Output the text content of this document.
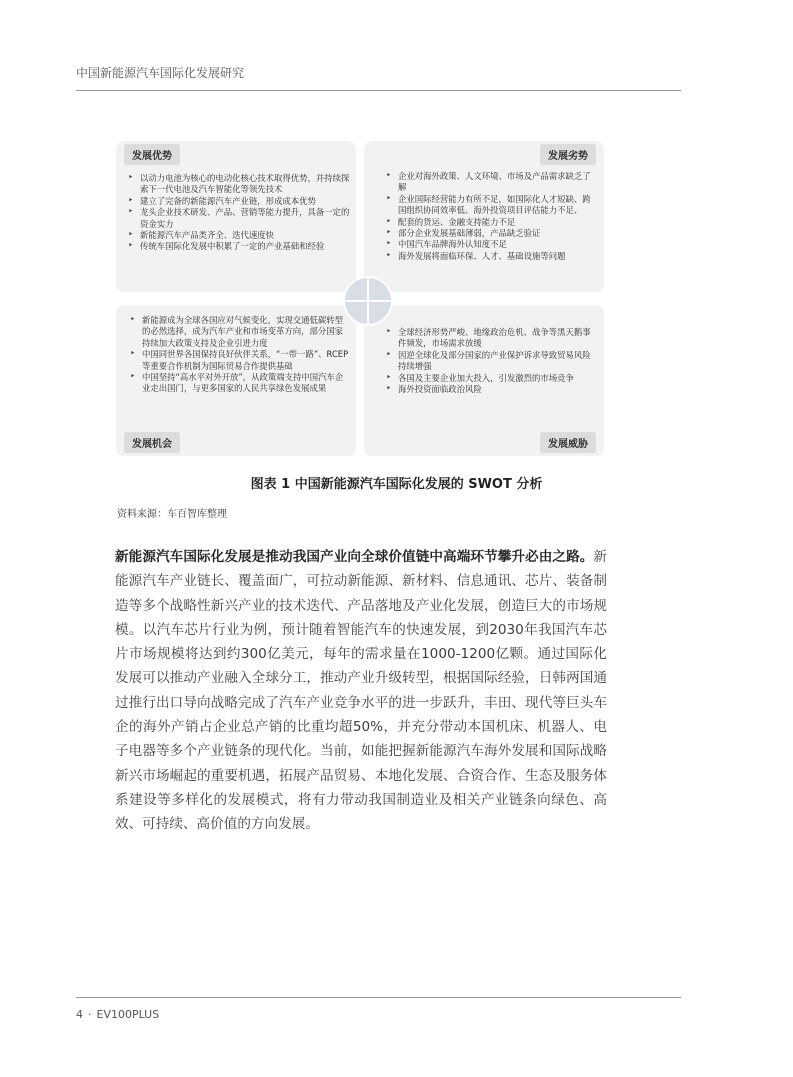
中国新能源汽车国际化发展研究
发展优势
‣ 以动力电池为核心的电动化核心技术取得优势，并持续探索下一代电池及汽车智能化等领先技术
‣ 建立了完备的新能源汽车产业链，形成成本优势
‣ 龙头企业技术研发、产品、营销等能力提升，具备一定的资金实力
‣ 新能源汽车产品类齐全、迭代速度快
‣ 传统车国际化发展中积累了一定的产业基础和经验
发展劣势
‣ 企业对海外政策、人文环境、市场及产品需求缺乏了解
‣ 企业国际经营能力有所不足，如国际化人才短缺、跨国组织协同效率低、海外投资项目评估能力不足、
‣ 配套的货运、金融支持能力不足
‣ 部分企业发展基础薄弱，产品缺乏验证
‣ 中国汽车品牌海外认知度不足
‣ 海外发展将面临环保、人才、基础设施等问题
‣ 新能源成为全球各国应对气候变化，实现交通低碳转型的必然选择，成为汽车产业和市场变革方向，部分国家持续加大政策支持及企业引进力度
‣ 中国同世界各国保持良好伙伴关系，“一带一路”、RCEP等重要合作机制为国际贸易合作提供基础
‣ 中国坚持“高水平对外开放”，从政策端支持中国汽车企业走出国门，与更多国家的人民共享绿色发展成果
发展机会
‣ 全球经济形势严峻、地缘政治危机、战争等黑天鹅事件频发，市场需求放缓
‣ 因逆全球化及部分国家的产业保护诉求导致贸易风险持续增强
‣ 各国及主要企业加大投入，引发激烈的市场竞争
‣ 海外投资面临政治风险
发展威胁
图表 1 中国新能源汽车国际化发展的 SWOT 分析
资料来源：车百智库整理

新能源汽车国际化发展是推动我国产业向全球价值链中高端环节攀升必由之路。新能源汽车产业链长、覆盖面广，可拉动新能源、新材料、信息通讯、芯片、装备制造等多个战略性新兴产业的技术迭代、产品落地及产业化发展，创造巨大的市场规模。以汽车芯片行业为例，预计随着智能汽车的快速发展，到2030年我国汽车芯片市场规模将达到约300亿美元，每年的需求量在1000-1200亿颗。通过国际化发展可以推动产业融入全球分工，推动产业升级转型，根据国际经验，日韩两国通过推行出口导向战略完成了汽车产业竞争水平的进一步跃升，丰田、现代等巨头车企的海外产销占企业总产销的比重均超50%，并充分带动本国机床、机器人、电子电器等多个产业链条的现代化。当前，如能把握新能源汽车海外发展和国际战略新兴市场崛起的重要机遇，拓展产品贸易、本地化发展、合资合作、生态及服务体系建设等多样化的发展模式，将有力带动我国制造业及相关产业链条向绿色、高效、可持续、高价值的方向发展。

4 · EV100PLUS
